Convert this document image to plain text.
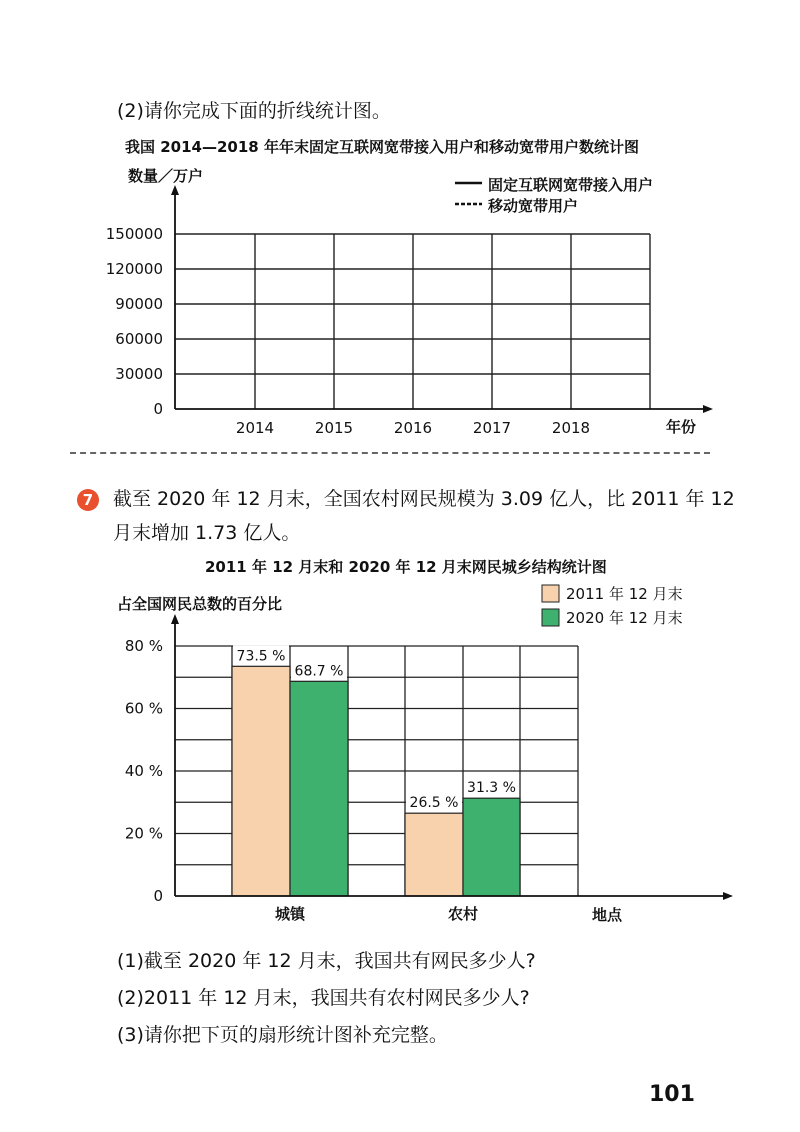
(2)请你完成下面的折线统计图。
我国 2014—2018 年年末固定互联网宽带接入用户和移动宽带用户数统计图
数量／万户	固定互联网宽带接入用户
移动宽带用户
年份
0
30000
60000
90000
120000
150000
2014	2015	2016	2017	2018
7	截至 2020 年 12 月末，全国农村网民规模为 3.09 亿人，比 2011 年 12
月末增加 1.73 亿人。
2011 年 12 月末和 2020 年 12 月末网民城乡结构统计图
占全国网民总数的百分比
2011 年 12 月末
2020 年 12 月末
地点
73.5 %
68.7 %
26.5 %
31.3 %
0
20 %
40 %
60 %
80 %
城镇	农村
(1)截至 2020 年 12 月末，我国共有网民多少人?
(2)2011 年 12 月末，我国共有农村网民多少人?
(3)请你把下页的扇形统计图补充完整。
101
